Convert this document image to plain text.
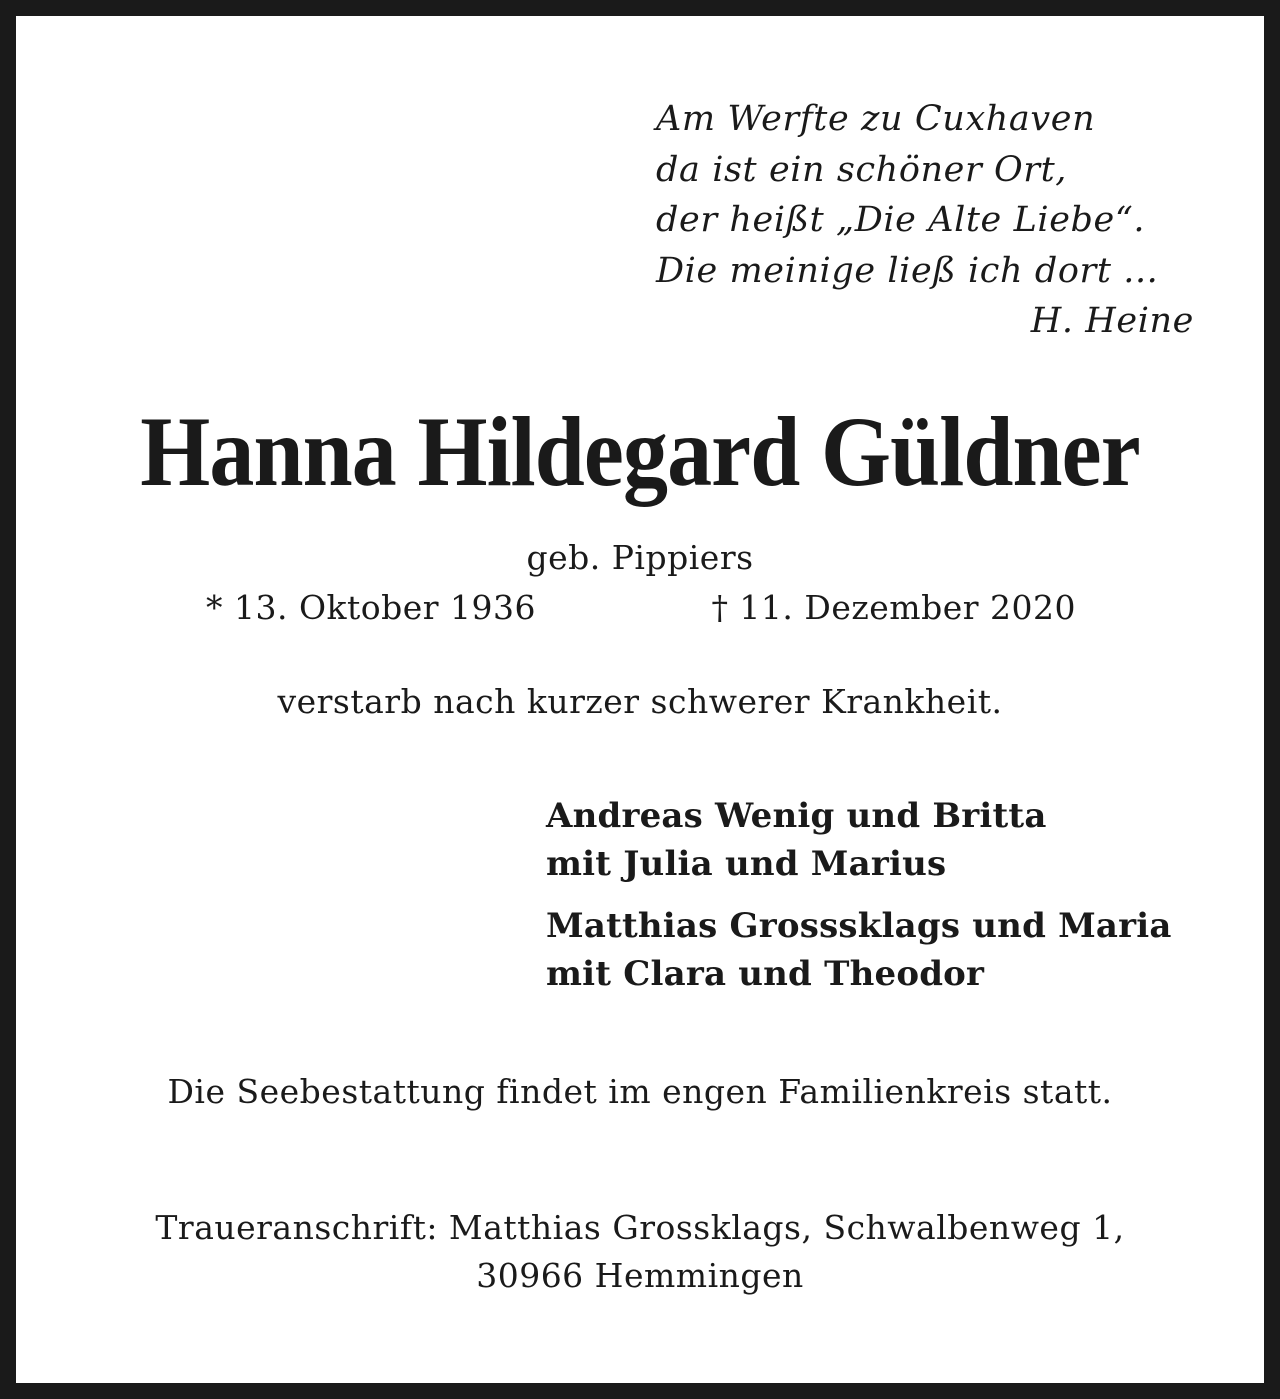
Am Werfte zu Cuxhaven
da ist ein schöner Ort,
der heißt „Die Alte Liebe“.
Die meinige ließ ich dort ...
H. Heine
Hanna Hildegard Güldner
geb. Pippiers
* 13. Oktober 1936	† 11. Dezember 2020
verstarb nach kurzer schwerer Krankheit.
Andreas Wenig und Britta
mit Julia und Marius
Matthias Grosssklags und Maria
mit Clara und Theodor
Die Seebestattung findet im engen Familienkreis statt.
Traueranschrift: Matthias Grossklags, Schwalbenweg 1,
30966 Hemmingen
